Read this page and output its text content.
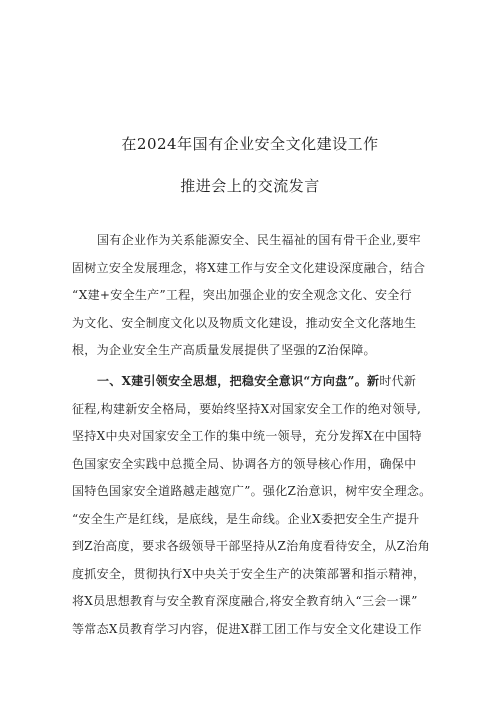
在2024年国有企业安全文化建设工作
推进会上的交流发言
国有企业作为关系能源安全、民生福祉的国有骨干企业,要牢
固树立安全发展理念，将X建工作与安全文化建设深度融合，结合
“X建+安全生产”工程，突出加强企业的安全观念文化、安全行
为文化、安全制度文化以及物质文化建设，推动安全文化落地生
根，为企业安全生产高质量发展提供了坚强的Z治保障。
一、X建引领安全思想，把稳安全意识“方向盘”。新时代新
征程,构建新安全格局，要始终坚持X对国家安全工作的绝对领导,
坚持X中央对国家安全工作的集中统一领导，充分发挥X在中国特
色国家安全实践中总揽全局、协调各方的领导核心作用，确保中
国特色国家安全道路越走越宽广”。强化Z治意识，树牢安全理念。
“安全生产是红线，是底线，是生命线。企业X委把安全生产提升
到Z治高度，要求各级领导干部坚持从Z治角度看待安全，从Z治角
度抓安全，贯彻执行X中央关于安全生产的决策部署和指示精神，
将X员思想教育与安全教育深度融合,将安全教育纳入“三会一课”
等常态X员教育学习内容，促进X群工团工作与安全文化建设工作
